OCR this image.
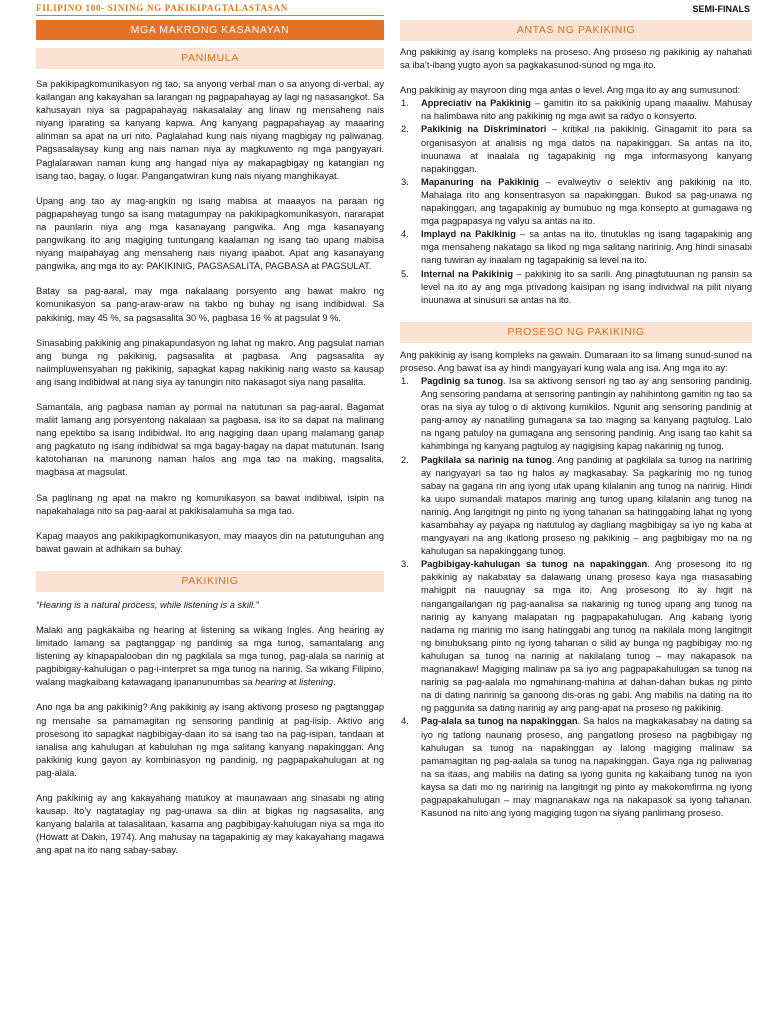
FILIPINO 100- SINING NG PAKIKIPAGTALASTASAN	SEMI-FINALS
MGA MAKRONG KASANAYAN
PANIMULA

Sa pakikipagkomunikasyon ng tao, sa anyong verbal man o sa anyong di-verbal, ay kailangan ang kakayahan sa larangan ng pagpapahayag ay lagi ng nasasangkot. Sa kahusayan niya sa pagpapahayag nakasalalay ang linaw ng mensaheng nais niyang iparating sa kanyang kapwa. Ang kanyang pagpapahayag ay maaaring alinman sa apat na uri nito. Paglalahad kung nais niyang magbigay ng paliwanag. Pagsasalaysay kung ang nais naman niya ay magkuwento ng mga pangyayari. Paglalarawan naman kung ang hangad niya ay makapagbigay ng katangian ng isang tao, bagay, o lugar. Pangangatwiran kung nais niyang manghikayat.

Upang ang tao ay mag-angkin ng isang mabisa at maaayos na paraan ng pagpapahayag tungo sa isang matagumpay na pakikipagkomunikasyon, nararapat na paunlarin niya ang mga kasanayang pangwika. Ang mga kasanayang pangwikang ito ang magiging tuntungang kaalaman ng isang tao upang mabisa niyang maipahayag ang mensaheng nais niyang ipaabot. Apat ang kasanayang pangwika, ang mga ito ay: PAKIKINIG, PAGSASALITA, PAGBASA at PAGSULAT.

Batay sa pag-aaral, may mga nakalaang porsyento ang bawat makro ng komunikasyon sa pang-araw-araw na takbo ng buhay ng isang indibidwal. Sa pakikinig, may 45 %, sa pagsasalita 30 %, pagbasa 16 % at pagsulat 9 %.

Sinasabing pakikinig ang pinakapundasyon ng lahat ng makro. Ang pagsulat naman ang bunga ng pakikinig, pagsasalita at pagbasa. Ang pagsasalita ay naiimpluwensyahan ng pakikinig, sapagkat kapag nakikinig nang wasto sa kausap ang isang indibidwal at nang siya ay tanungin nito nakasagot siya nang pasalita.

Samantala, ang pagbasa naman ay pormal na natutunan sa pag-aaral. Bagamat maliit lamang ang porsyentong nakalaan sa pagbasa, isa ito sa dapat na malinang nang epektibo sa isang indibidwal. Ito ang nagiging daan upang malamang ganap ang pagkatuto ng isang indibidwal sa mga bagay-bagay na dapat matutunan. Isang katotohanan na marunong naman halos ang mga tao na making, magsalita, magbasa at magsulat.

Sa paglinang ng apat na makro ng komunikasyon sa bawat indibiwal, isipin na napakahalaga nito sa pag-aaral at pakikisalamuha sa mga tao.

Kapag maayos ang pakikipagkomunikasyon, may maayos din na patutunguhan ang bawat gawain at adhikain sa buhay.

PAKIKINIG

“Hearing is a natural process, while listening is a skill.”

Malaki ang pagkakaiba ng hearing at listening sa wikang Ingles. Ang hearing ay limitado lamang sa pagtanggap ng pandinig sa mga tunog, samantalang ang listening ay kinapapalooban din ng pagkilala sa mga tunog, pag-alala sa narinig at pagbibigay-kahulugan o pag-i-interpret sa mga tunog na narinig. Sa wikang Filipino, walang magkaibang katawagang ipananunumbas sa hearing at listening.

Ano nga ba ang pakikinig? Ang pakikinig ay isang aktivong proseso ng pagtanggap ng mensahe sa pamamagitan ng sensoring pandinig at pag-iisip. Aktivo ang prosesong ito sapagkat nagbibigay-daan ito sa isang tao na pag-isipan, tandaan at ianalisa ang kahulugan at kabuluhan ng mga salitang kanyang napakinggan. Ang pakikinig kung gayon ay kombinasyon ng pandinig, ng pagpapakahulugan at ng pag-alala.

Ang pakikinig ay ang kakayahang matukoy at maunawaan ang sinasabi ng ating kausap. Ito’y nagtataglay ng pag-unawa sa diin at bigkas ng nagsasalita, ang kanyang balarila at talasalitaan, kasama ang pagbibigay-kahulugan niya sa mga ito (Howatt at Dakin, 1974). Ang mahusay na tagapakinig ay may kakayahang magawa ang apat na ito nang sabay-sabay.

ANTAS NG PAKIKINIG

Ang pakikinig ay isang kompleks na proseso. Ang proseso ng pakikinig ay nahahati sa iba’t-ibang yugto ayon sa pagkakasunod-sunod ng mga ito.

Ang pakikinig ay mayroon ding mga antas o level. Ang mga ito ay ang sumusunod:

1. Appreciativ na Pakikinig – gamitin ito sa pakikinig upang maaaliw. Mahusay na halimbawa nito ang pakikinig ng mga awit sa radyo o konsyerto.
2. Pakikinig na Diskriminatori – kritikal na pakikinig. Ginagamit ito para sa organisasyon at analisis ng mga datos na napakinggan. Sa antas na ito, inuunawa at inaalala ng tagapakinig ng mga informasyong kanyang napakinggan.
3. Mapanuring na Pakikinig – evalweytiv o selektiv ang pakikinig na ito. Mahalaga rito ang konsentrasyon sa napakinggan. Bukod sa pag-unawa ng napakinggan, ang tagapakinig ay bumubuo ng mga konsepto at gumagawa ng mga pagpapasya ng valyu sa antas na ito.
4. Implayd na Pakikinig – sa antas na ito, tinutuklas ng isang tagapakinig ang mga mensaheng nakatago sa likod ng mga salitang naririnig. Ang hindi sinasabi nang tuwiran ay inaalam ng tagapakinig sa level na ito.
5. Internal na Pakikinig – pakikinig ito sa sarili. Ang pinagtutuunan ng pansin sa level na ito ay ang mga privadong kaisipan ng isang individwal na pilit niyang inuunawa at sinusuri sa antas na ito.
PROSESO NG PAKIKINIG

Ang pakikinig ay isang kompleks na gawain. Dumaraan ito sa limang sunud-sunod na proseso. Ang bawat isa ay hindi mangyayari kung wala ang isa. Ang mga ito ay:

1. Pagdinig sa tunog. Isa sa aktivong sensori ng tao ay ang sensoring pandinig. Ang sensoring pandama at sensoring pantingin ay nahihintong gamitin ng tao sa oras na siya ay tulog o di aktivong kumikilos. Ngunit ang sensoring pandinig at pang-amoy ay nanatiling gumagana sa tao maging sa kanyang pagtulog. Lalo na ngang patuloy na gumagana ang sensoring pandinig. Ang isang tao kahit sa kahimbinga ng kanyang pagtulog ay nagigising kapag nakarinig ng tunog.
2. Pagkilala sa narinig na tunog. Ang pandinig at pagkilala sa tunog na naririnig ay nangyayari sa tao ng halos ay magkasabay. Sa pagkarinig mo ng tunog sabay na gagana rin ang iyong utak upang kilalanin ang tunog na narinig. Hindi ka uupo sumandali matapos marinig ang tunog upang kilalanin ang tunog na narinig. Ang langitngit ng pinto ng iyong tahanan sa hatinggabing lahat ng iyong kasambahay ay payapa ng natutulog ay dagliang magbibigay sa iyo ng kaba at mangyayari na ang ikatlong proseso ng pakikinig – ang pagbibigay mo na ng kahulugan sa napakinggang tunog.
3. Pagbibigay-kahulugan sa tunog na napakinggan. Ang prosesong ito ng pakikinig ay nakabatay sa dalawang unang proseso kaya nga masasabing mahigpit na nauugnay sa mga ito. Ang prosesong ito ay higit na nangangailangan ng pag-aanalisa sa nakarinig ng tunog upang ang tunog na narinig ay kanyang malapatan ng pagpapakahulugan. Ang kabang iyong nadama ng marinig mo isang hatinggabi ang tunog na nakilala mong langitngit ng binubuksang pinto ng iyong tahanan o silid ay bunga ng pagbibigay mo ng kahulugan sa tunog na narinig at nakilalang tunog – may nakapasok na magnanakaw! Magiging malinaw pa sa iyo ang pagpapakahulugan sa tunog na narinig sa pag-aalala mo ngmahinang-mahina at dahan-dahan bukas ng pinto na di dating naririnig sa ganoong dis-oras ng gabi. Ang mabilis na dating na ito ng paggunita sa dating narinig ay ang pang-apat na proseso ng pakikinig.
4. Pag-alala sa tunog na napakinggan. Sa halos na magkakasabay na dating sa iyo ng tatlong naunang proseso, ang pangatlong proseso na pagbibigay ng kahulugan sa tunog na napakinggan ay lalong magiging malinaw sa pamamagitan ng pag-aalala sa tunog na napakinggan. Gaya nga ng paliwanag na sa itaas, ang mabilis na dating sa iyong gunita ng kakaibang tunog na iyon kaysa sa dati mo ng naririnig na langitngit ng pinto ay makokomfirma ng iyong pagpapakahulugan – may magnanakaw nga na nakapasok sa iyong tahanan. Kasunod na nito ang iyong magiging tugon na siyang panlimang proseso.
